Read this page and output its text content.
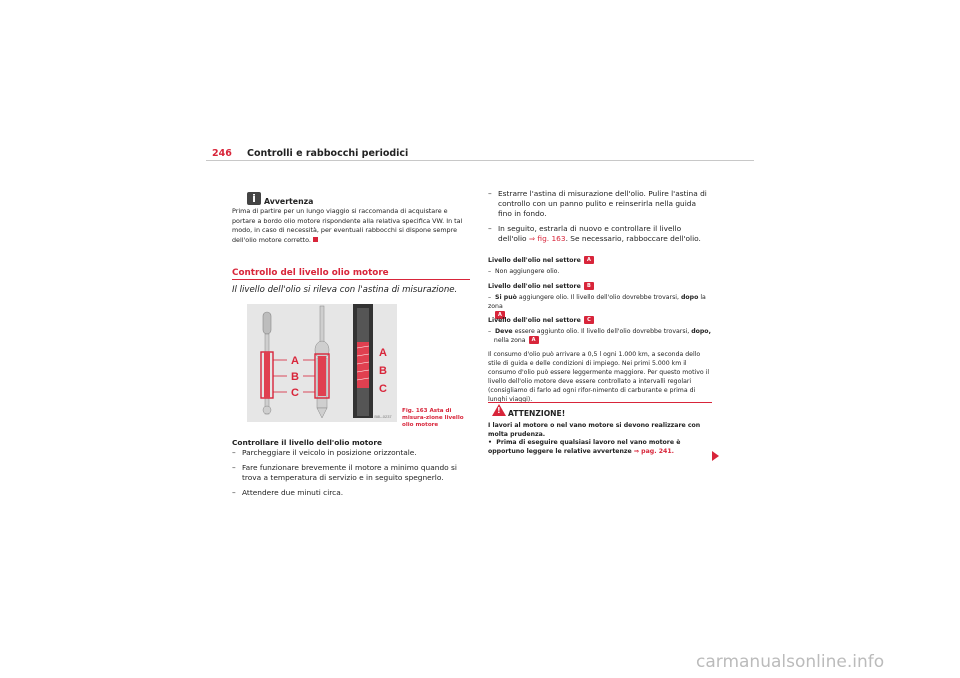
246 Controlli e rabbocchi periodici
i	Avvertenza
Prima di partire per un lungo viaggio si raccomanda di acquistare e portare a bordo olio motore rispondente alla relativa specifica VW. In tal modo, in caso di necessità, per eventuali rabbocchi si dispone sempre dell'olio motore corretto.
Controllo del livello olio motore
Il livello dell'olio si rileva con l'astina di misurazione.
A
B
C
A
B
C
B8L-0237
Fig. 163 Asta di misura-zione livello olio motore
Controllare il livello dell'olio motore
– Parcheggiare il veicolo in posizione orizzontale.
– Fare funzionare brevemente il motore a minimo quando si trova a temperatura di servizio e in seguito spegnerlo.
– Attendere due minuti circa.
– Estrarre l'astina di misurazione dell'olio. Pulire l'astina di controllo con un panno pulito e reinserirla nella guida fino in fondo.
– In seguito, estrarla di nuovo e controllare il livello dell'olio ⇒ fig. 163. Se necessario, rabboccare dell'olio.
Livello dell'olio nel settore A
– Non aggiungere olio.
Livello dell'olio nel settore B
– Si può aggiungere olio. Il livello dell'olio dovrebbe trovarsi, dopo la zona
A
Livello dell'olio nel settore C
– Deve essere aggiunto olio. Il livello dell'olio dovrebbe trovarsi, dopo,
nella zona A
Il consumo d'olio può arrivare a 0,5 l ogni 1.000 km, a seconda dello stile di guida e delle condizioni di impiego. Nei primi 5.000 km il consumo d'olio può essere leggermente maggiore. Per questo motivo il livello dell'olio motore deve essere controllato a intervalli regolari (consigliamo di farlo ad ogni rifor-nimento di carburante e prima di lunghi viaggi).
! ATTENZIONE!
I lavori al motore o nel vano motore si devono realizzare con molta prudenza.
• Prima di eseguire qualsiasi lavoro nel vano motore è opportuno leggere le relative avvertenze ⇒ pag. 241.
carmanualsonline.info
